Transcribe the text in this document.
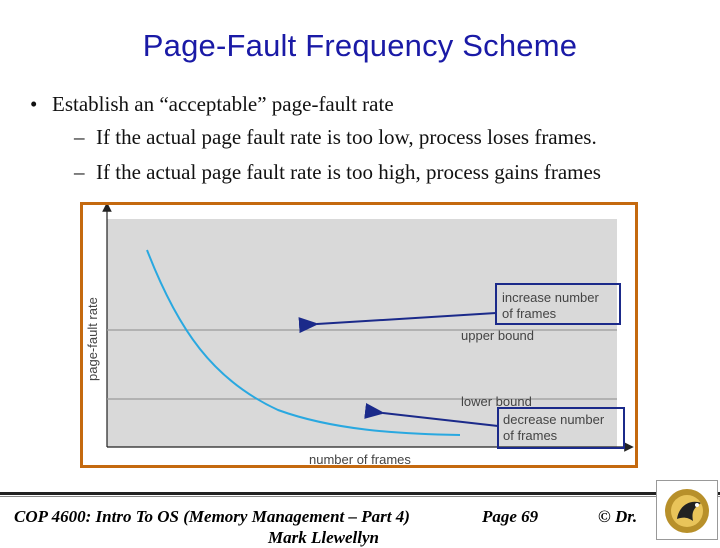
Page-Fault Frequency Scheme
• Establish an “acceptable” page-fault rate
– If the actual page fault rate is too low, process loses frames.
– If the actual page fault rate is too high, process gains frames
upper bound
lower bound
increase number
of frames
decrease number
of frames
number of frames
page-fault rate
COP 4600: Intro To OS (Memory Management – Part 4)	Page 69	© Dr.
Mark Llewellyn
